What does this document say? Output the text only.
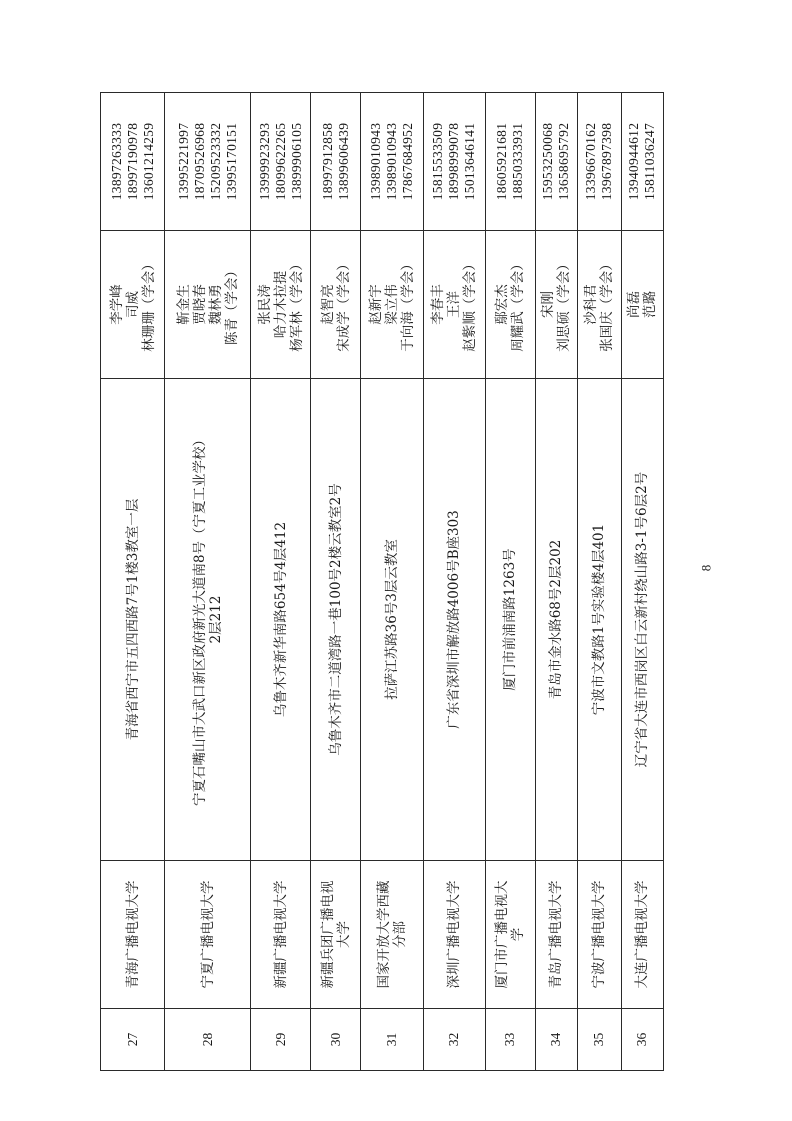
27	青海广播电视大学	青海省西宁市五四西路7号1楼3教室一层	李学峰 司威 林珊珊（学会）	13897263333 18997190978 13601214259

28	宁夏广播电视大学	宁夏石嘴山市大武口新区政府新光大道南8号（宁夏工业学校） 2层212	靳金生 贾晓春 魏林勇 陈青（学会）	13995221997 18709526968 15209523332 13995170151

29	新疆广播电视大学	乌鲁木齐新华南路654号4层412	张民涛 哈力木拉提 杨军林（学会）	13999923293 18099622265 13899906105

30	新疆兵团广播电视 大学	乌鲁木齐市二道湾路一巷100号2楼云教室2号	赵智亮 宋成学（学会）	18997912858 13899606439

31	国家开放大学西藏 分部	拉萨江苏路36号3层云教室	赵新宇 梁立伟 于向海（学会）	13989010943 13989010943 17867684952

32	深圳广播电视大学	广东省深圳市解放路4006号B座303	李春丰 王洋 赵紫顺（学会）	15815533509 18998999078 15013646141

33	厦门市广播电视大 学	厦门市前浦南路1263号	鄢宏杰 周耀武（学会）	18605921681 18850333931

34	青岛广播电视大学	青岛市金水路68号2层202	宋刚 刘思硕（学会）	15953250068 13658695792

35	宁波广播电视大学	宁波市文教路1号实验楼4层401	沙科君 张国庆（学会）	13396670162 13967897398

36	大连广播电视大学	辽宁省大连市西岗区白云新村绕山路3-1号6层2号	尚磊 范璐	13940944612 15811036247
8
